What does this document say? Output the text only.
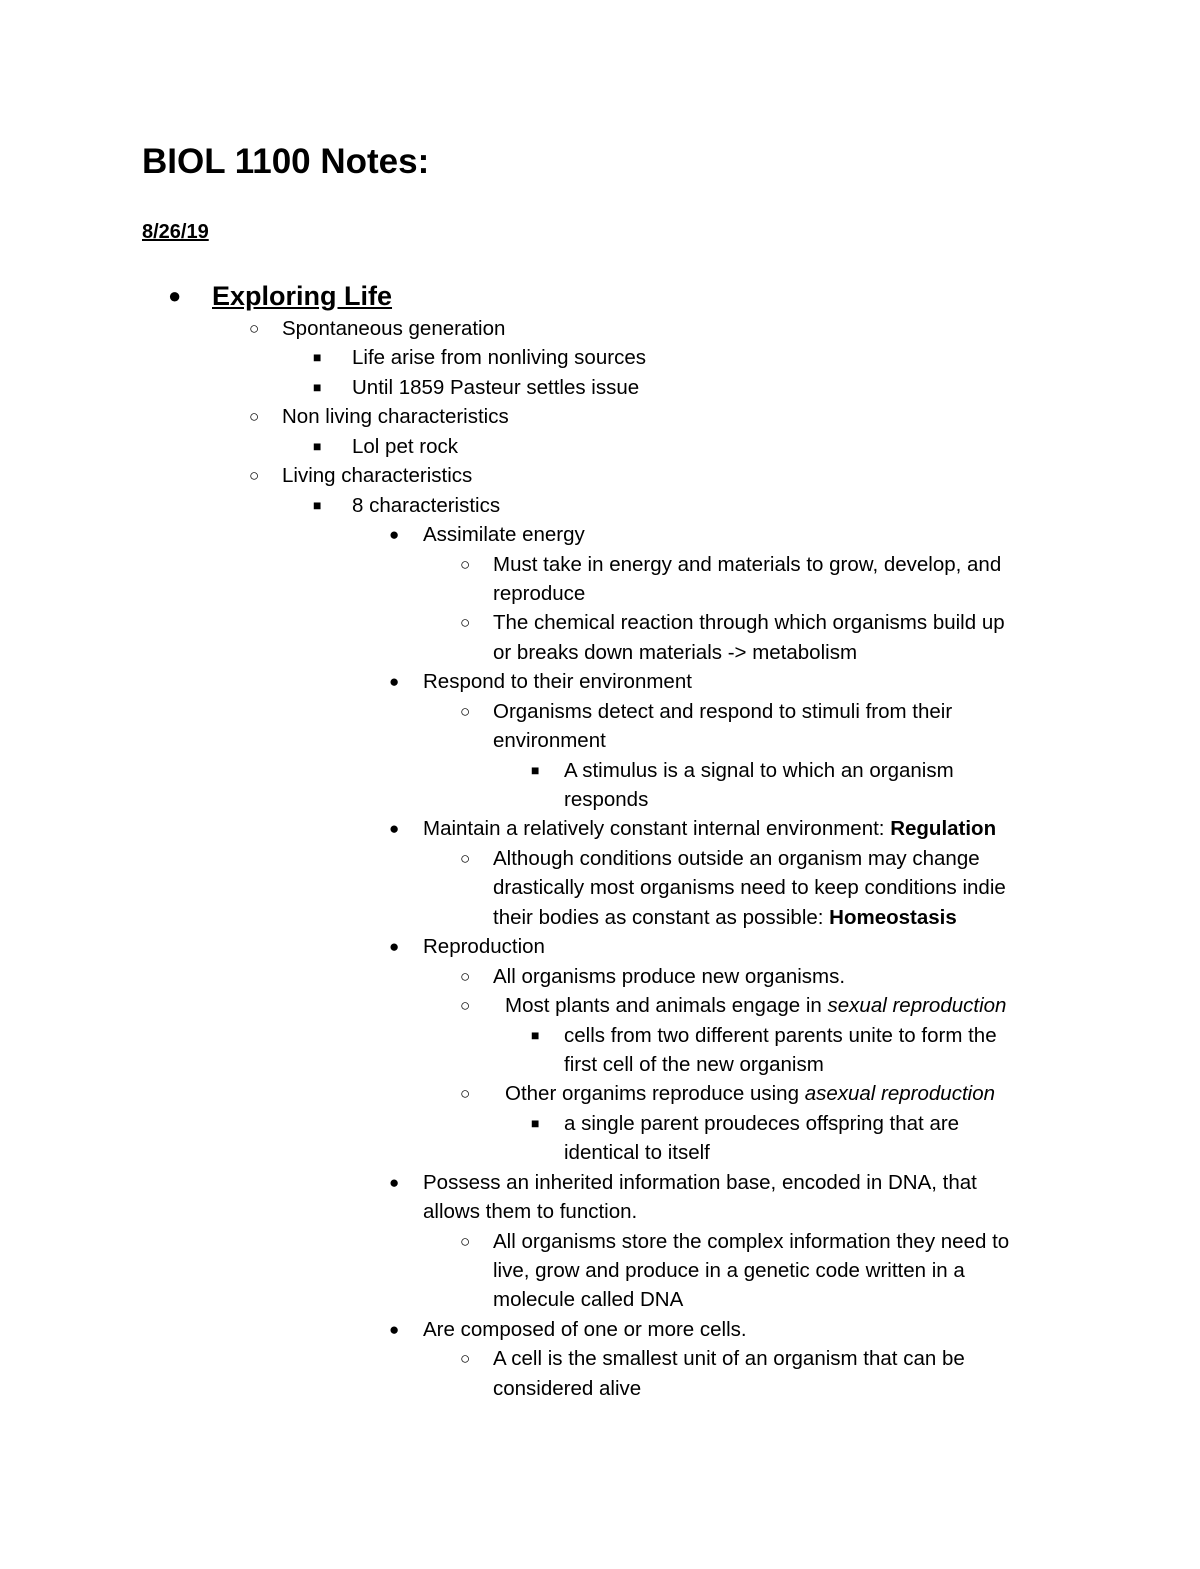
BIOL 1100 Notes:

8/26/19

● Exploring Life
○ Spontaneous generation
■ Life arise from nonliving sources
■ Until 1859 Pasteur settles issue
○ Non living characteristics
■ Lol pet rock
○ Living characteristics
■ 8 characteristics
● Assimilate energy
○ Must take in energy and materials to grow, develop, and
reproduce
○ The chemical reaction through which organisms build up
or breaks down materials -> metabolism
● Respond to their environment
○ Organisms detect and respond to stimuli from their
environment
■ A stimulus is a signal to which an organism
responds
● Maintain a relatively constant internal environment: Regulation
○ Although conditions outside an organism may change
drastically most organisms need to keep conditions indie
their bodies as constant as possible: Homeostasis
● Reproduction
○ All organisms produce new organisms.
○ Most plants and animals engage in sexual reproduction
■ cells from two different parents unite to form the
first cell of the new organism
○ Other organims reproduce using asexual reproduction
■ a single parent proudeces offspring that are
identical to itself
● Possess an inherited information base, encoded in DNA, that
allows them to function.
○ All organisms store the complex information they need to
live, grow and produce in a genetic code written in a
molecule called DNA
● Are composed of one or more cells.
○ A cell is the smallest unit of an organism that can be
considered alive
